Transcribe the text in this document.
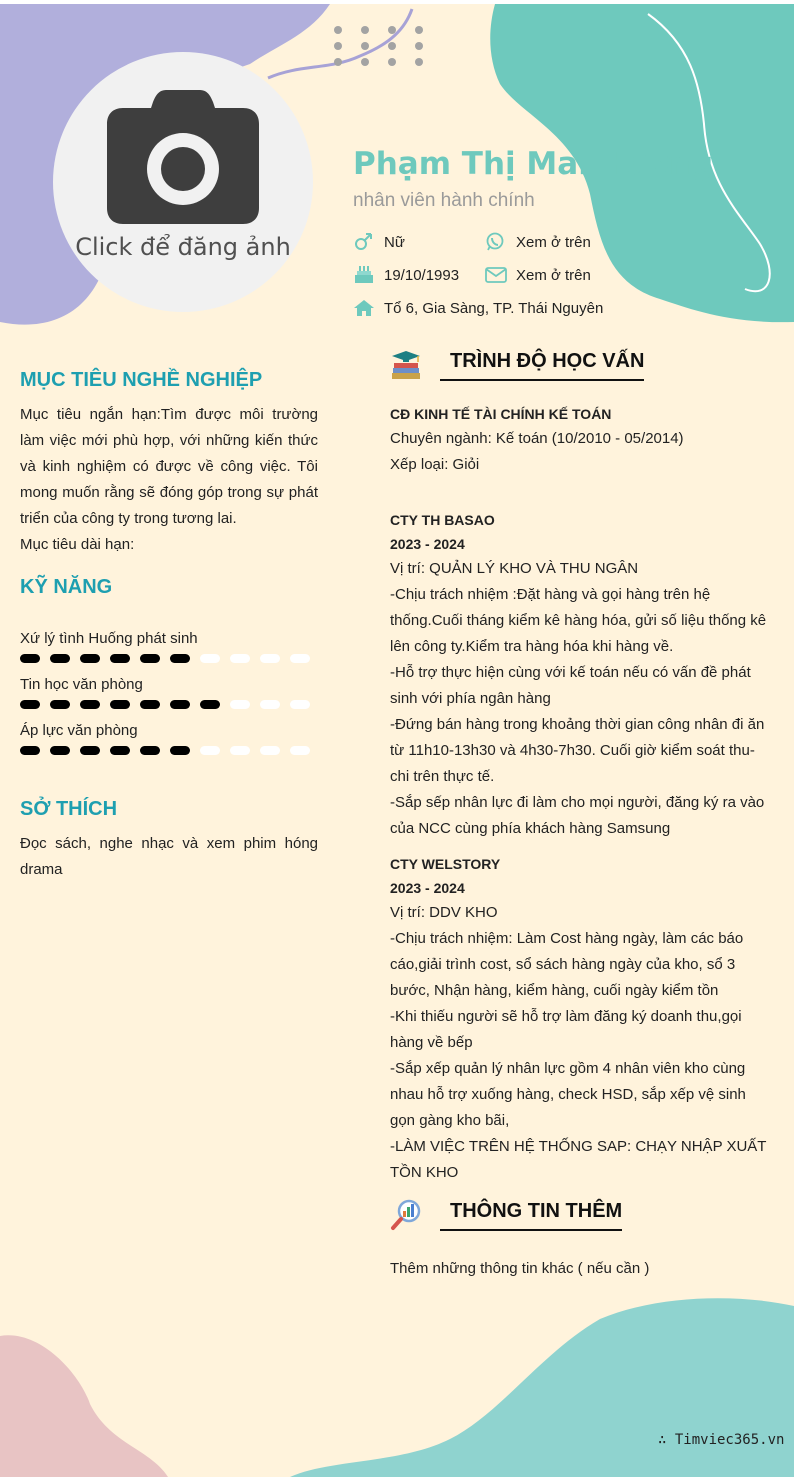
Click để đăng ảnh
Phạm Thị Mai Hương
nhân viên hành chính
Nữ	Xem ở trên
19/10/1993	Xem ở trên
Tổ 6, Gia Sàng, TP. Thái Nguyên
MỤC TIÊU NGHỀ NGHIỆP
Mục tiêu ngắn hạn:Tìm được môi trường làm việc mới phù hợp, với những kiến thức và kinh nghiệm có được về công việc. Tôi mong muốn rằng sẽ đóng góp trong sự phát triển của công ty trong tương lai.
Mục tiêu dài hạn:
KỸ NĂNG
Xứ lý tình Huống phát sinh
Tin học văn phòng
Áp lực văn phòng
SỞ THÍCH
Đọc sách, nghe nhạc và xem phim hóng drama
TRÌNH ĐỘ HỌC VẤN
CĐ KINH TẾ TÀI CHÍNH KẾ TOÁN
Chuyên ngành: Kế toán (10/2010 - 05/2014)
Xếp loại: Giỏi
CTY TH BASAO
2023 - 2024
Vị trí: QUẢN LÝ KHO VÀ THU NGÂN
-Chịu trách nhiệm :Đặt hàng và gọi hàng trên hệ thống.Cuối tháng kiểm kê hàng hóa, gửi số liệu thống kê lên công ty.Kiểm tra hàng hóa khi hàng về.
-Hỗ trợ thực hiện cùng với kế toán nếu có vấn đề phát sinh với phía ngân hàng
-Đứng bán hàng trong khoảng thời gian công nhân đi ăn từ 11h10-13h30 và 4h30-7h30. Cuối giờ kiểm soát thu-chi trên thực tế.
-Sắp sếp nhân lực đi làm cho mọi người, đăng ký ra vào của NCC cùng phía khách hàng Samsung
CTY WELSTORY
2023 - 2024
Vị trí: DDV KHO
-Chịu trách nhiệm: Làm Cost hàng ngày, làm các báo cáo,giải trình cost, sổ sách hàng ngày của kho, sổ 3 bước, Nhận hàng, kiểm hàng, cuối ngày kiểm tồn
-Khi thiếu người sẽ hỗ trợ làm đăng ký doanh thu,gọi hàng về bếp
-Sắp xếp quản lý nhân lực gồm 4 nhân viên kho cùng nhau hỗ trợ xuống hàng, check HSD, sắp xếp vệ sinh gọn gàng kho bãi,
-LÀM VIỆC TRÊN HỆ THỐNG SAP: CHẠY NHẬP XUẤT TỒN KHO
THÔNG TIN THÊM
Thêm những thông tin khác ( nếu cần )
∴ Timviec365.vn
